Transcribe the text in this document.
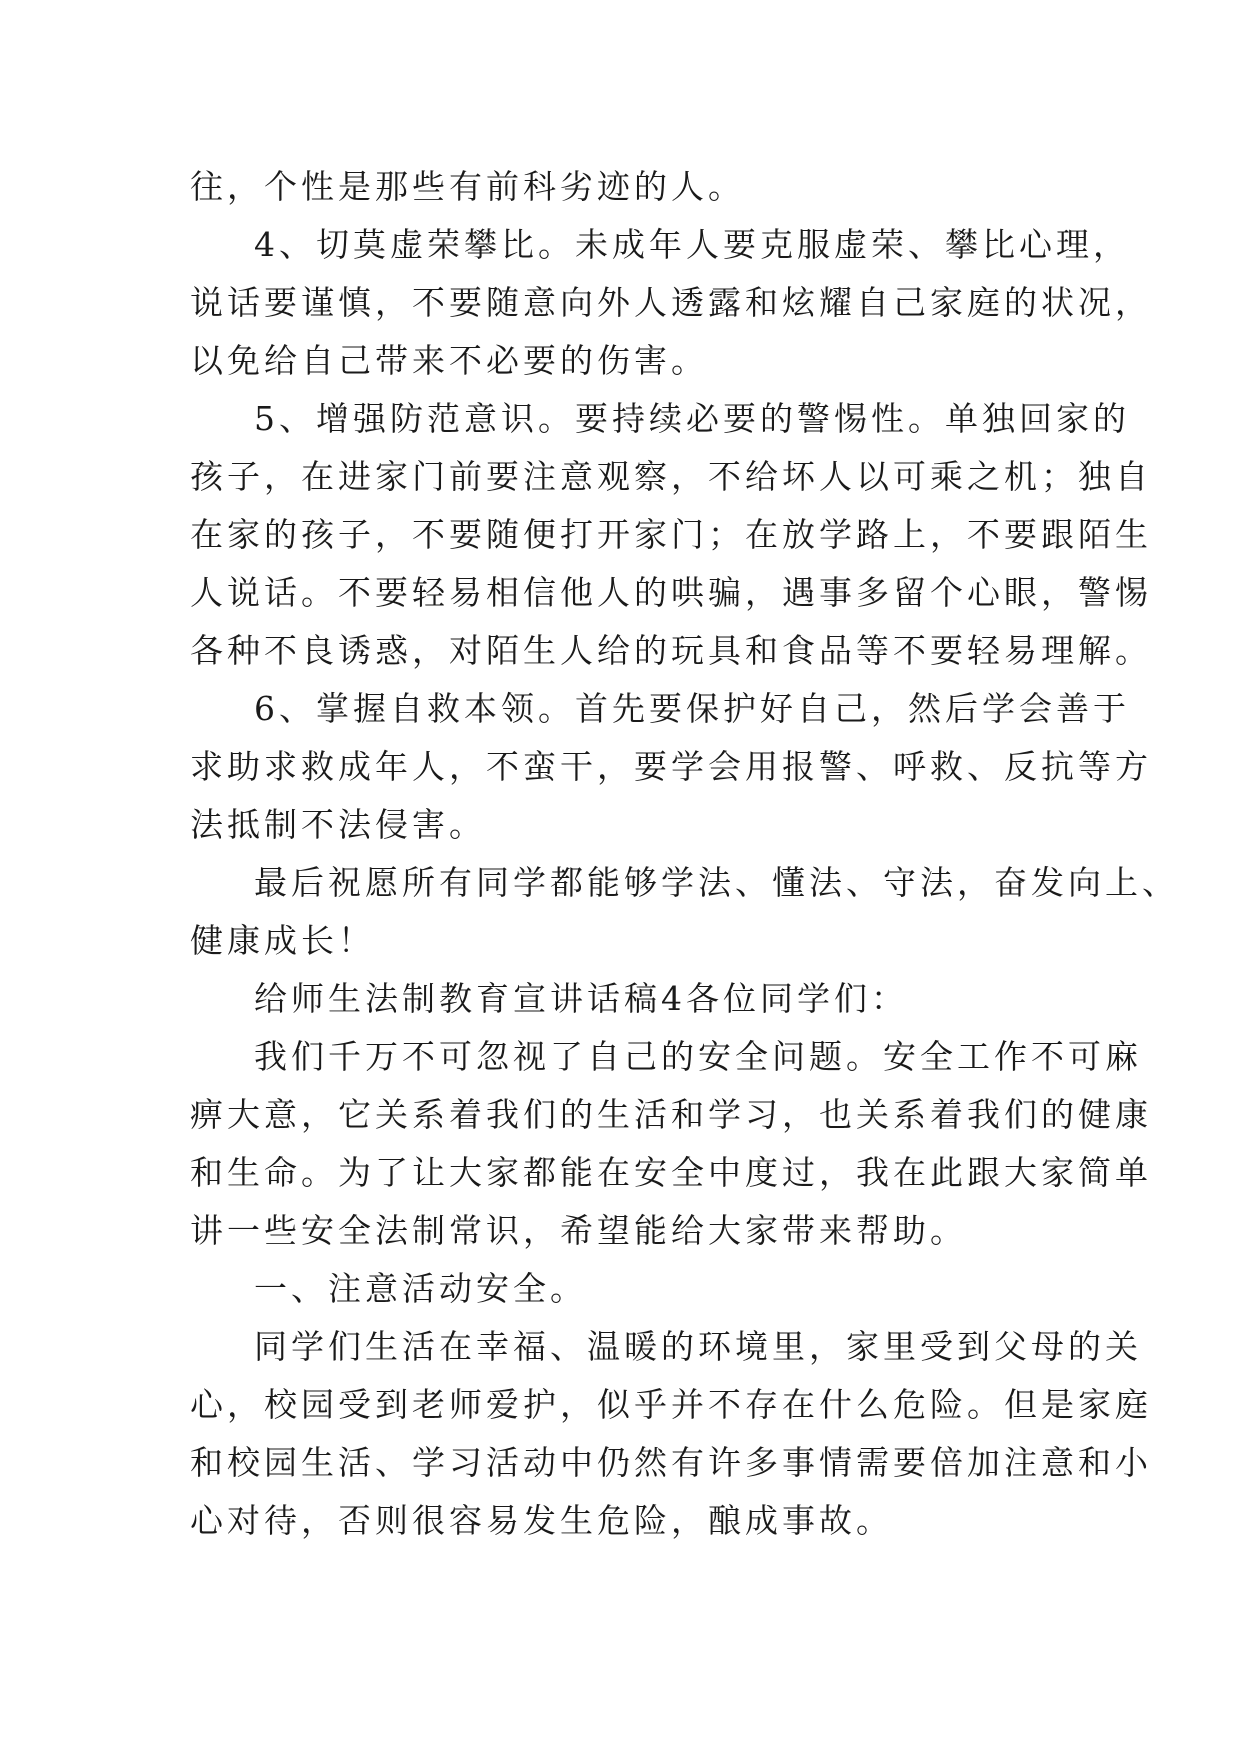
往，个性是那些有前科劣迹的人。
4、切莫虚荣攀比。未成年人要克服虚荣、攀比心理，
说话要谨慎，不要随意向外人透露和炫耀自己家庭的状况，
以免给自己带来不必要的伤害。
5、增强防范意识。要持续必要的警惕性。单独回家的
孩子，在进家门前要注意观察，不给坏人以可乘之机；独自
在家的孩子，不要随便打开家门；在放学路上，不要跟陌生
人说话。不要轻易相信他人的哄骗，遇事多留个心眼，警惕
各种不良诱惑，对陌生人给的玩具和食品等不要轻易理解。
6、掌握自救本领。首先要保护好自己，然后学会善于
求助求救成年人，不蛮干，要学会用报警、呼救、反抗等方
法抵制不法侵害。
最后祝愿所有同学都能够学法、懂法、守法，奋发向上、
健康成长！
给师生法制教育宣讲话稿4各位同学们：
我们千万不可忽视了自己的安全问题。安全工作不可麻
痹大意，它关系着我们的生活和学习，也关系着我们的健康
和生命。为了让大家都能在安全中度过，我在此跟大家简单
讲一些安全法制常识，希望能给大家带来帮助。
一、注意活动安全。
同学们生活在幸福、温暖的环境里，家里受到父母的关
心，校园受到老师爱护，似乎并不存在什么危险。但是家庭
和校园生活、学习活动中仍然有许多事情需要倍加注意和小
心对待，否则很容易发生危险，酿成事故。
